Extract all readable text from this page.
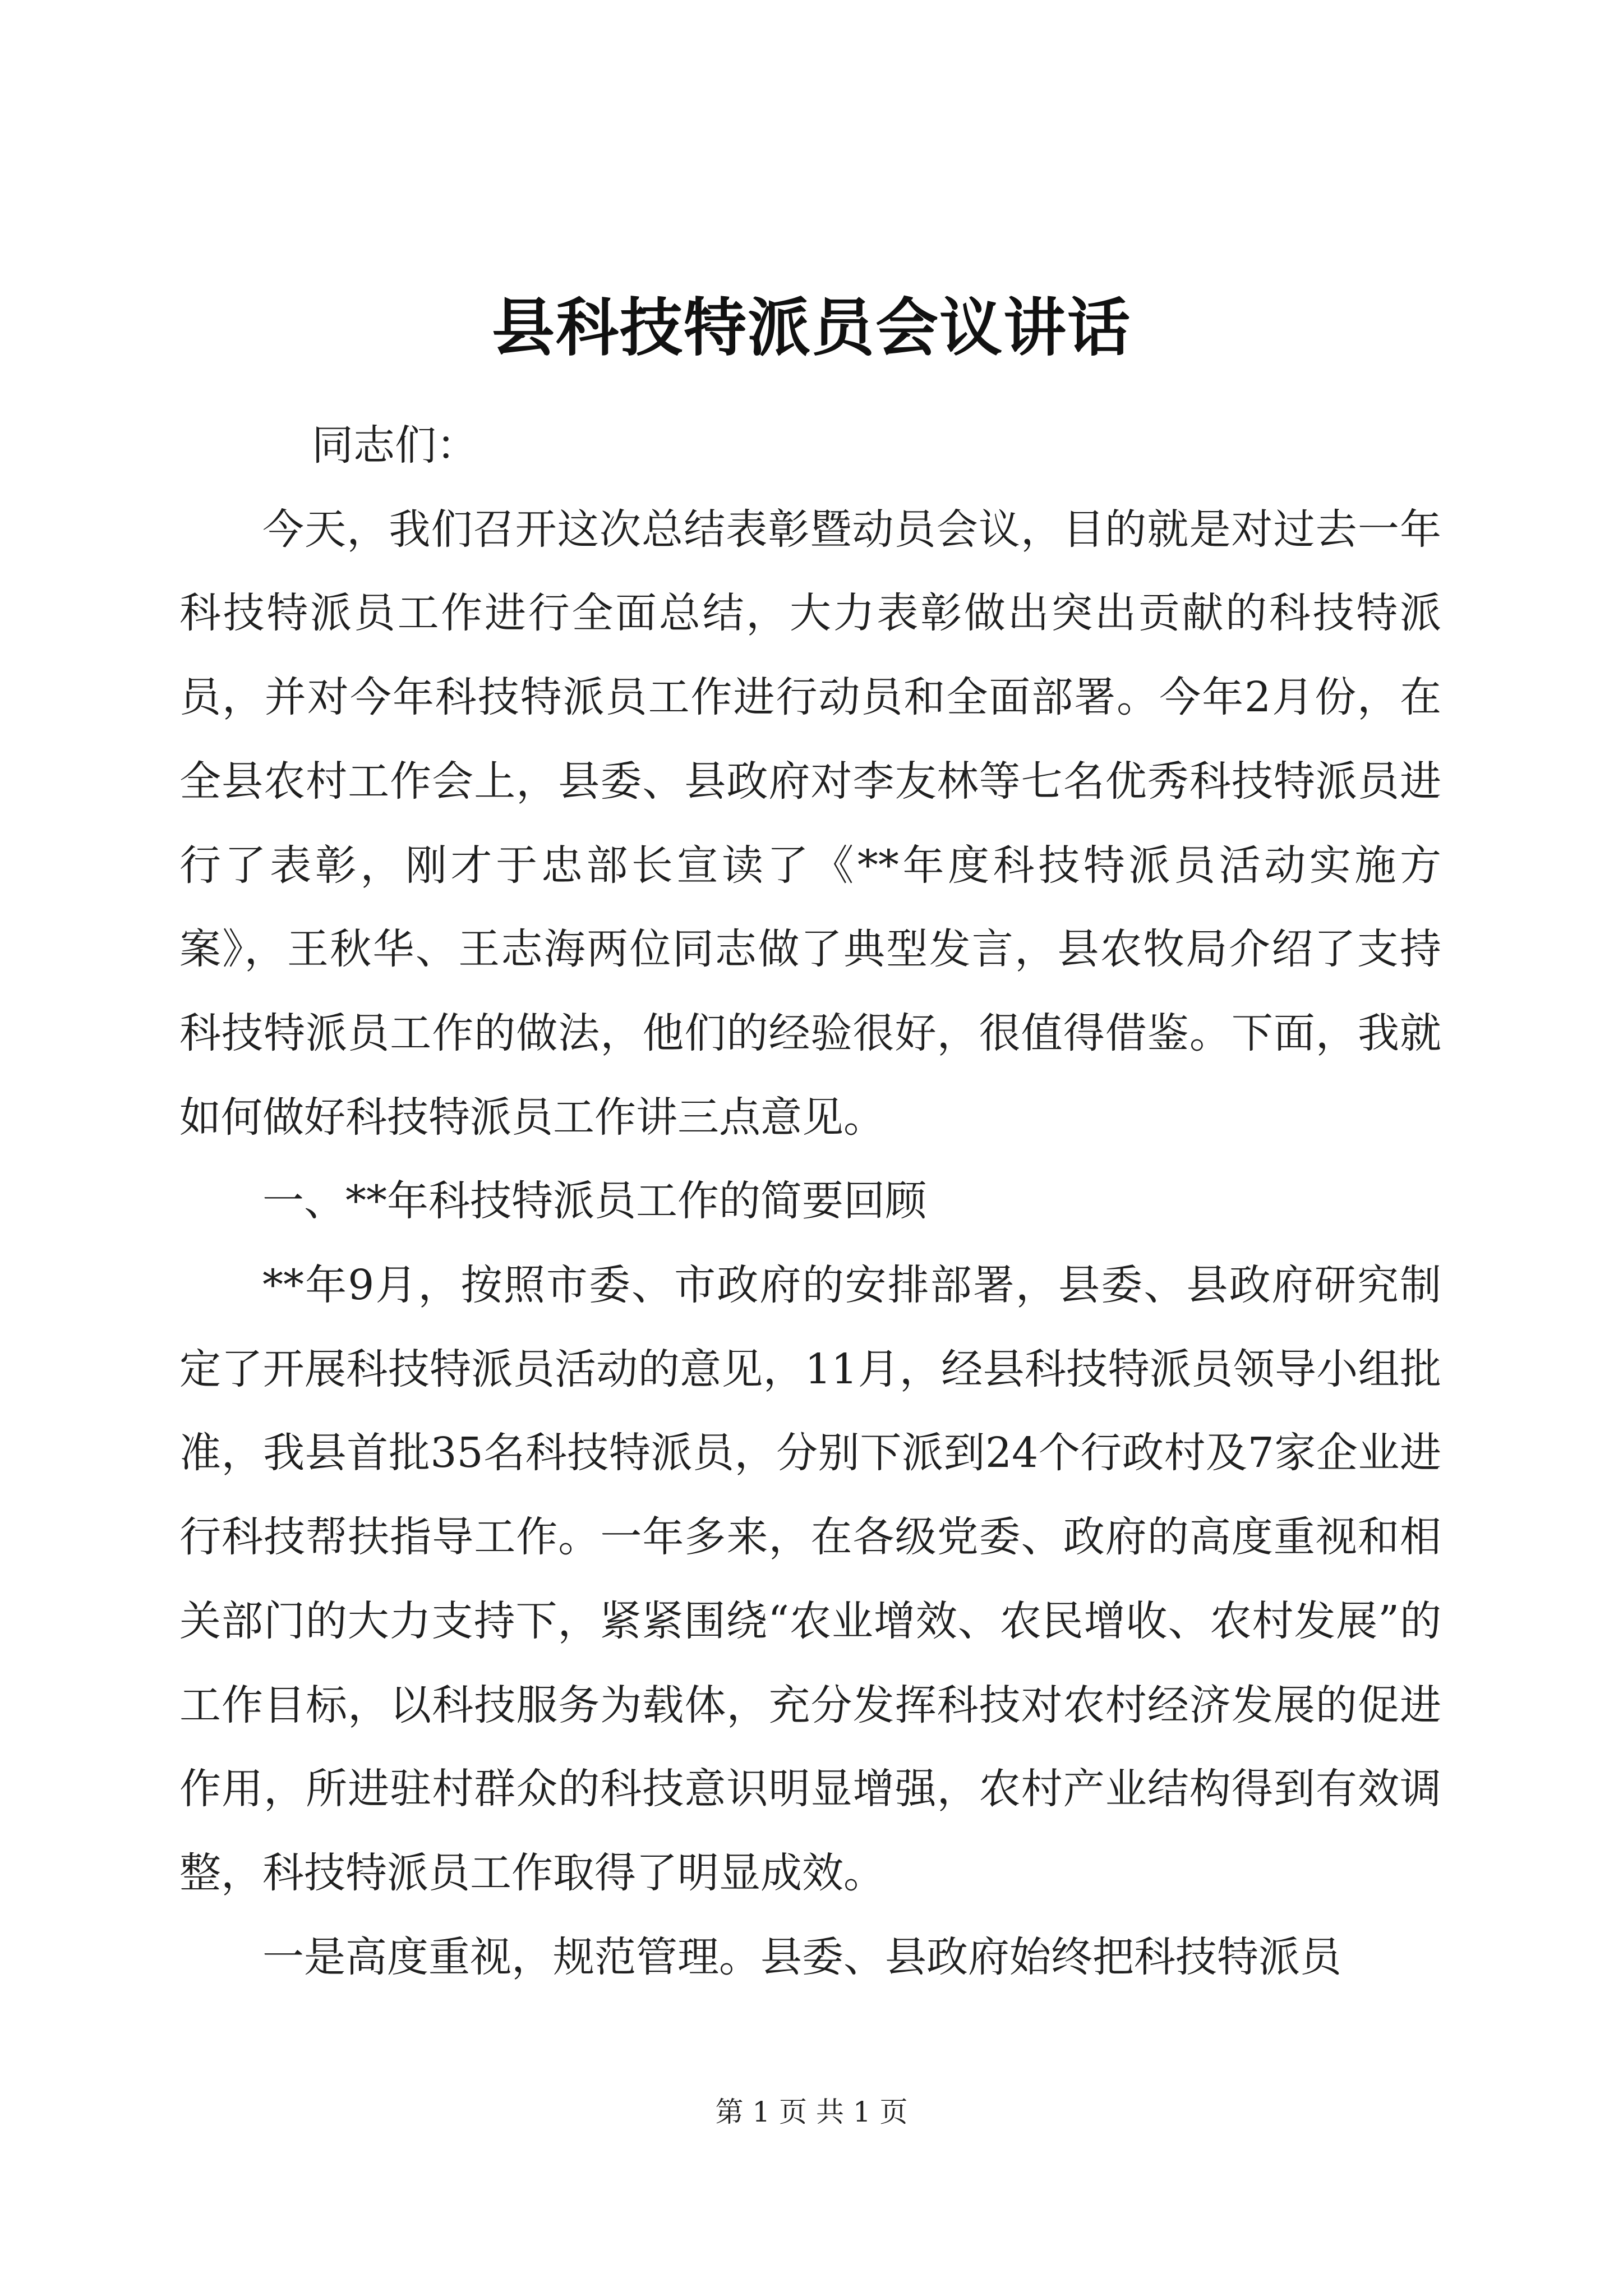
县科技特派员会议讲话

同志们：

今天，我们召开这次总结表彰暨动员会议，目的就是对过去一年科技特派员工作进行全面总结，大力表彰做出突出贡献的科技特派员，并对今年科技特派员工作进行动员和全面部署。今年2月份，在全县农村工作会上，县委、县政府对李友林等七名优秀科技特派员进行了表彰，刚才于忠部长宣读了《**年度科技特派员活动实施方案》，王秋华、王志海两位同志做了典型发言，县农牧局介绍了支持科技特派员工作的做法，他们的经验很好，很值得借鉴。下面，我就如何做好科技特派员工作讲三点意见。

一、**年科技特派员工作的简要回顾

**年9月，按照市委、市政府的安排部署，县委、县政府研究制定了开展科技特派员活动的意见，11月，经县科技特派员领导小组批准，我县首批35名科技特派员，分别下派到24个行政村及7家企业进行科技帮扶指导工作。一年多来，在各级党委、政府的高度重视和相关部门的大力支持下，紧紧围绕“农业增效、农民增收、农村发展”的工作目标，以科技服务为载体，充分发挥科技对农村经济发展的促进作用，所进驻村群众的科技意识明显增强，农村产业结构得到有效调整，科技特派员工作取得了明显成效。

一是高度重视，规范管理。县委、县政府始终把科技特派员

第 1 页 共 1 页
